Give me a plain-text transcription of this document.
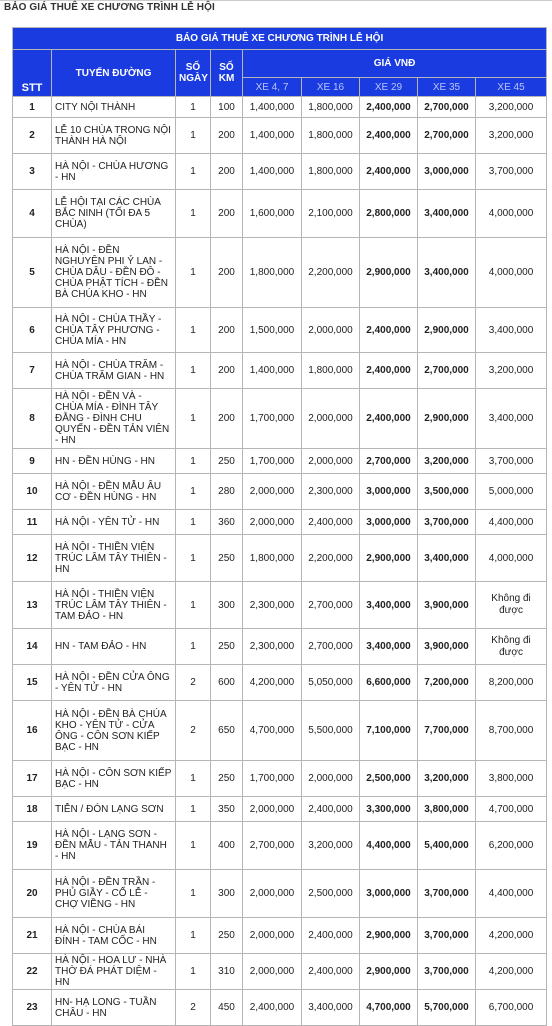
BẢO GIÁ THUÊ XE CHƯƠNG TRÌNH LỄ HỘI
BÁO GIÁ THUÊ XE CHƯƠNG TRÌNH LỄ HỘI								
STT	TUYẾN ĐƯỜNG	SỐ NGÀY	SỐ KM	GIÁ VNĐ				
				XE 4, 7	XE 16	XE 29	XE 35	XE 45
1	CITY NỘI THÀNH	1	100	1,400,000	1,800,000	2,400,000	2,700,000	3,200,000
2	LỄ 10 CHÙA TRONG NỘI THÀNH HÀ NỘI	1	200	1,400,000	1,800,000	2,400,000	2,700,000	3,200,000
3	HÀ NỘI - CHÙA HƯƠNG - HN	1	200	1,400,000	1,800,000	2,400,000	3,000,000	3,700,000
4	LỄ HỘI TẠI CÁC CHÙA BẮC NINH (TỐI ĐA 5 CHÙA)	1	200	1,600,000	2,100,000	2,800,000	3,400,000	4,000,000
5	HÀ NỘI - ĐỀN NGHUYÊN PHI Ỷ LAN - CHÙA DÂU - ĐỀN ĐÔ - CHÙA PHẬT TÍCH - ĐỀN BÀ CHÚA KHO - HN	1	200	1,800,000	2,200,000	2,900,000	3,400,000	4,000,000
6	HÀ NỘI - CHÙA THẦY - CHÙA TÂY PHƯƠNG - CHÙA MÍA - HN	1	200	1,500,000	2,000,000	2,400,000	2,900,000	3,400,000
7	HÀ NỘI - CHÙA TRĂM - CHÙA TRĂM GIAN - HN	1	200	1,400,000	1,800,000	2,400,000	2,700,000	3,200,000
8	HÀ NỘI - ĐỀN VÀ - CHÙA MÍA - ĐÌNH TÂY ĐẰNG - ĐÌNH CHU QUYẾN - ĐỀN TẢN VIÊN - HN	1	200	1,700,000	2,000,000	2,400,000	2,900,000	3,400,000
9	HN - ĐỀN HÙNG - HN	1	250	1,700,000	2,000,000	2,700,000	3,200,000	3,700,000
10	HÀ NỘI - ĐỀN MẪU ÂU CƠ - ĐỀN HÙNG - HN	1	280	2,000,000	2,300,000	3,000,000	3,500,000	5,000,000
11	HÀ NỘI - YÊN TỬ - HN	1	360	2,000,000	2,400,000	3,000,000	3,700,000	4,400,000
12	HÀ NỘI - THIỀN VIỆN TRÚC LÂM TÂY THIÊN - HN	1	250	1,800,000	2,200,000	2,900,000	3,400,000	4,000,000
13	HÀ NỘI - THIỀN VIỆN TRÚC LÂM TÂY THIÊN - TAM ĐẢO - HN	1	300	2,300,000	2,700,000	3,400,000	3,900,000	Không đi được
14	HN - TAM ĐẢO - HN	1	250	2,300,000	2,700,000	3,400,000	3,900,000	Không đi được
15	HÀ NỘI - ĐỀN CỬA ÔNG - YÊN TỬ - HN	2	600	4,200,000	5,050,000	6,600,000	7,200,000	8,200,000
16	HÀ NỘI - ĐỀN BÀ CHÚA KHO - YÊN TỬ - CỬA ÔNG - CÔN SƠN KIẾP BẠC - HN	2	650	4,700,000	5,500,000	7,100,000	7,700,000	8,700,000
17	HÀ NỘI - CÔN SƠN KIẾP BẠC - HN	1	250	1,700,000	2,000,000	2,500,000	3,200,000	3,800,000
18	TIỄN / ĐÓN LẠNG SƠN	1	350	2,000,000	2,400,000	3,300,000	3,800,000	4,700,000
19	HÀ NỘI - LẠNG SƠN - ĐỀN MẪU - TẢN THANH - HN	1	400	2,700,000	3,200,000	4,400,000	5,400,000	6,200,000
20	HÀ NỘI - ĐỀN TRẦN - PHỦ GIẦY - CỔ LỄ - CHỢ VIỀNG - HN	1	300	2,000,000	2,500,000	3,000,000	3,700,000	4,400,000
21	HÀ NỘI - CHÙA BÁI ĐÍNH - TAM CỐC - HN	1	250	2,000,000	2,400,000	2,900,000	3,700,000	4,200,000
22	HÀ NỘI - HOA LƯ - NHÀ THỜ ĐÁ PHÁT DIỆM - HN	1	310	2,000,000	2,400,000	2,900,000	3,700,000	4,200,000
23	HN- HẠ LONG - TUẦN CHÂU - HN	2	450	2,400,000	3,400,000	4,700,000	5,700,000	6,700,000
